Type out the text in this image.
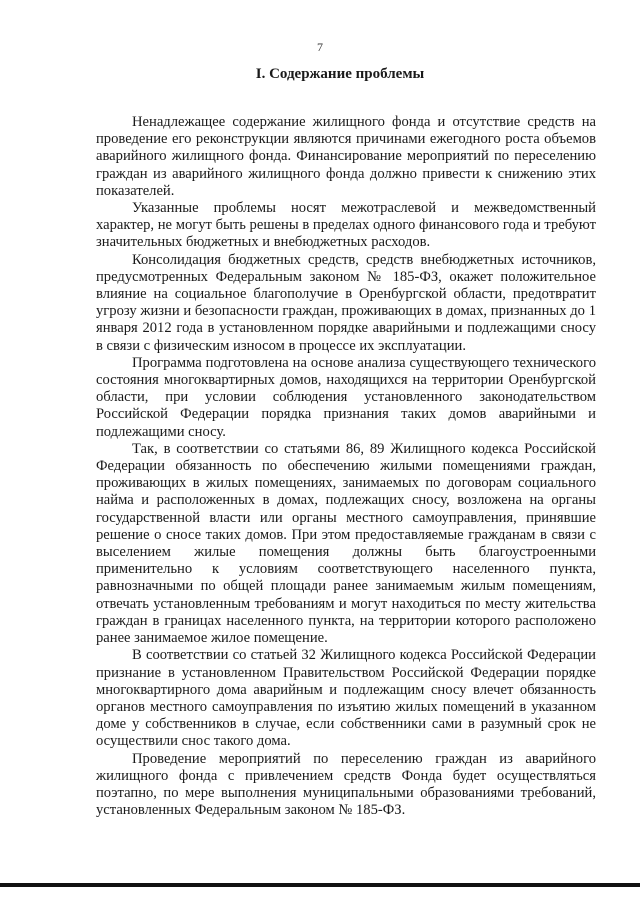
7
I. Содержание проблемы

Ненадлежащее содержание жилищного фонда и отсутствие средств на проведение его реконструкции являются причинами ежегодного роста объемов аварийного жилищного фонда. Финансирование мероприятий по переселению граждан из аварийного жилищного фонда должно привести к снижению этих показателей.

Указанные проблемы носят межотраслевой и межведомственный характер, не могут быть решены в пределах одного финансового года и требуют значительных бюджетных и внебюджетных расходов.

Консолидация бюджетных средств, средств внебюджетных источников, предусмотренных Федеральным законом № 185-ФЗ, окажет положительное влияние на социальное благополучие в Оренбургской области, предотвратит угрозу жизни и безопасности граждан, проживающих в домах, признанных до 1 января 2012 года в установленном порядке аварийными и подлежащими сносу в связи с физическим износом в процессе их эксплуатации.

Программа подготовлена на основе анализа существующего технического состояния многоквартирных домов, находящихся на территории Оренбургской области, при условии соблюдения установленного законодательством Российской Федерации порядка признания таких домов аварийными и подлежащими сносу.

Так, в соответствии со статьями 86, 89 Жилищного кодекса Российской Федерации обязанность по обеспечению жилыми помещениями граждан, проживающих в жилых помещениях, занимаемых по договорам социального найма и расположенных в домах, подлежащих сносу, возложена на органы государственной власти или органы местного самоуправления, принявшие решение о сносе таких домов. При этом предоставляемые гражданам в связи с выселением жилые помещения должны быть благоустроенными применительно к условиям соответствующего населенного пункта, равнозначными по общей площади ранее занимаемым жилым помещениям, отвечать установленным требованиям и могут находиться по месту жительства граждан в границах населенного пункта, на территории которого расположено ранее занимаемое жилое помещение.

В соответствии со статьей 32 Жилищного кодекса Российской Федерации признание в установленном Правительством Российской Федерации порядке многоквартирного дома аварийным и подлежащим сносу влечет обязанность органов местного самоуправления по изъятию жилых помещений в указанном доме у собственников в случае, если собственники сами в разумный срок не осуществили снос такого дома.

Проведение мероприятий по переселению граждан из аварийного жилищного фонда с привлечением средств Фонда будет осуществляться поэтапно, по мере выполнения муниципальными образованиями требований, установленных Федеральным законом № 185-ФЗ.
